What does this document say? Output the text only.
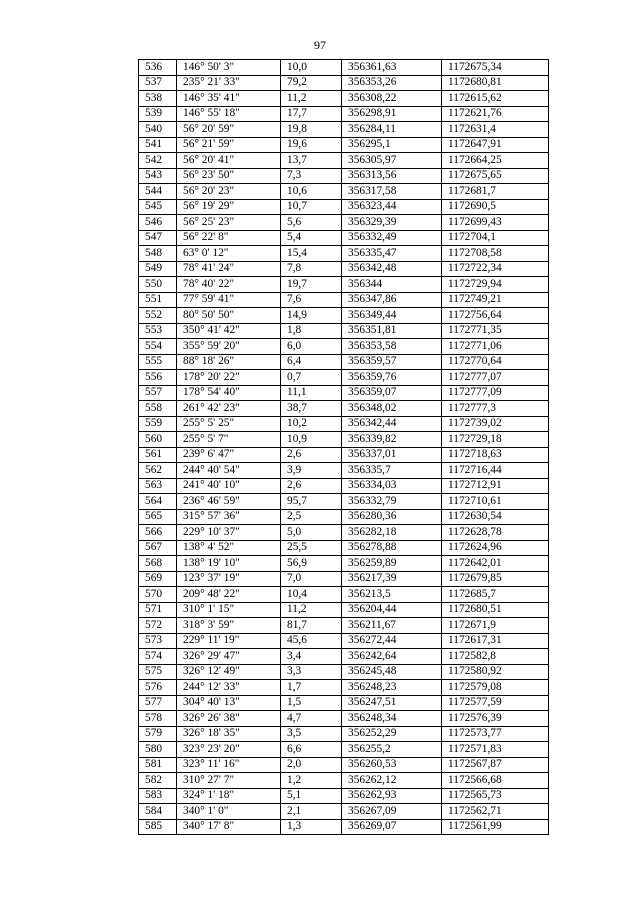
97
536	146° 50' 3"	10,0	356361,63	1172675,34
537	235° 21' 33"	79,2	356353,26	1172680,81
538	146° 35' 41"	11,2	356308,22	1172615,62
539	146° 55' 18"	17,7	356298,91	1172621,76
540	56° 20' 59"	19,8	356284,11	1172631,4
541	56° 21' 59"	19,6	356295,1	1172647,91
542	56° 20' 41"	13,7	356305,97	1172664,25
543	56° 23' 50"	7,3	356313,56	1172675,65
544	56° 20' 23"	10,6	356317,58	1172681,7
545	56° 19' 29"	10,7	356323,44	1172690,5
546	56° 25' 23"	5,6	356329,39	1172699,43
547	56° 22' 8"	5,4	356332,49	1172704,1
548	63° 0' 12"	15,4	356335,47	1172708,58
549	78° 41' 24"	7,8	356342,48	1172722,34
550	78° 40' 22"	19,7	356344	1172729,94
551	77° 59' 41"	7,6	356347,86	1172749,21
552	80° 50' 50"	14,9	356349,44	1172756,64
553	350° 41' 42"	1,8	356351,81	1172771,35
554	355° 59' 20"	6,0	356353,58	1172771,06
555	88° 18' 26"	6,4	356359,57	1172770,64
556	178° 20' 22"	0,7	356359,76	1172777,07
557	178° 54' 40"	11,1	356359,07	1172777,09
558	261° 42' 23"	38,7	356348,02	1172777,3
559	255° 5' 25"	10,2	356342,44	1172739,02
560	255° 5' 7"	10,9	356339,82	1172729,18
561	239° 6' 47"	2,6	356337,01	1172718,63
562	244° 40' 54"	3,9	356335,7	1172716,44
563	241° 40' 10"	2,6	356334,03	1172712,91
564	236° 46' 59"	95,7	356332,79	1172710,61
565	315° 57' 36"	2,5	356280,36	1172630,54
566	229° 10' 37"	5,0	356282,18	1172628,78
567	138° 4' 52"	25,5	356278,88	1172624,96
568	138° 19' 10"	56,9	356259,89	1172642,01
569	123° 37' 19"	7,0	356217,39	1172679,85
570	209° 48' 22"	10,4	356213,5	1172685,7
571	310° 1' 15"	11,2	356204,44	1172680,51
572	318° 3' 59"	81,7	356211,67	1172671,9
573	229° 11' 19"	45,6	356272,44	1172617,31
574	326° 29' 47"	3,4	356242,64	1172582,8
575	326° 12' 49"	3,3	356245,48	1172580,92
576	244° 12' 33"	1,7	356248,23	1172579,08
577	304° 40' 13"	1,5	356247,51	1172577,59
578	326° 26' 38"	4,7	356248,34	1172576,39
579	326° 18' 35"	3,5	356252,29	1172573,77
580	323° 23' 20"	6,6	356255,2	1172571,83
581	323° 11' 16"	2,0	356260,53	1172567,87
582	310° 27' 7"	1,2	356262,12	1172566,68
583	324° 1' 18"	5,1	356262,93	1172565,73
584	340° 1' 0"	2,1	356267,09	1172562,71
585	340° 17' 8"	1,3	356269,07	1172561,99
